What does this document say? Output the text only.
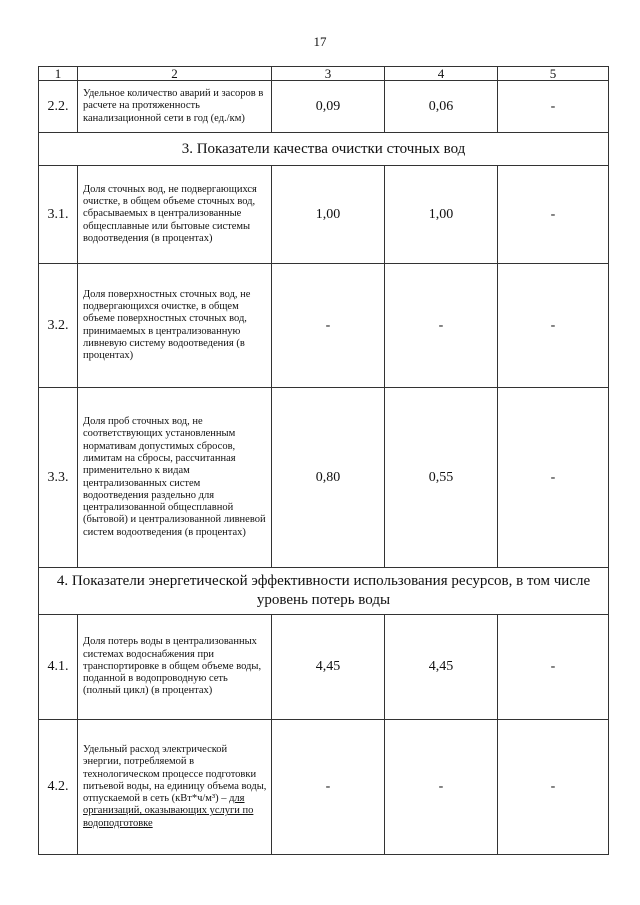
17
1	2	3	4	5
2.2.	Удельное количество аварий и засоров в расчете на протяженность канализационной сети в год (ед./км)	0,09	0,06	-
3. Показатели качества очистки сточных вод				
3.1.	Доля сточных вод, не подвергающихся очистке, в общем объеме сточных вод, сбрасываемых в централизованные общесплавные или бытовые системы водоотведения (в процентах)	1,00	1,00	-
3.2.	Доля поверхностных сточных вод, не подвергающихся очистке, в общем объеме поверхностных сточных вод, принимаемых в централизованную ливневую систему водоотведения (в процентах)	-	-	-
3.3.	Доля проб сточных вод, не соответствующих установленным нормативам допустимых сбросов, лимитам на сбросы, рассчитанная применительно к видам централизованных систем водоотведения раздельно для централизованной общесплавной (бытовой) и централизованной ливневой систем водоотведения (в процентах)	0,80	0,55	-
4. Показатели энергетической эффективности использования ресурсов, в том числе уровень потерь воды				
4.1.	Доля потерь воды в централизованных системах водоснабжения при транспортировке в общем объеме воды, поданной в водопроводную сеть (полный цикл) (в процентах)	4,45	4,45	-
4.2.	Удельный расход электрической энергии, потребляемой в технологическом процессе подготовки питьевой воды, на единицу объема воды, отпускаемой в сеть (кВт*ч/м³) – для организаций, оказывающих услуги по водоподготовке	-	-	-
